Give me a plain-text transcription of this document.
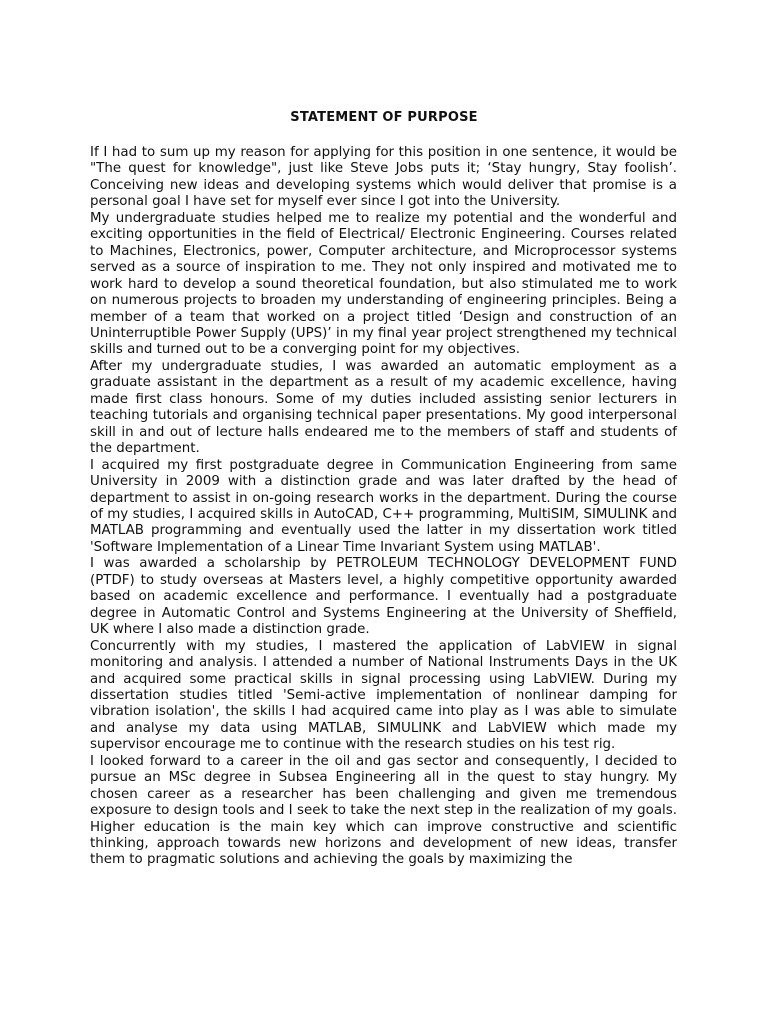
STATEMENT OF PURPOSE

If I had to sum up my reason for applying for this position in one sentence, it would be "The quest for knowledge", just like Steve Jobs puts it; ‘Stay hungry, Stay foolish’. Conceiving new ideas and developing systems which would deliver that promise is a personal goal I have set for myself ever since I got into the University.

My undergraduate studies helped me to realize my potential and the wonderful and exciting opportunities in the field of Electrical/ Electronic Engineering. Courses related to Machines, Electronics, power, Computer architecture, and Microprocessor systems served as a source of inspiration to me. They not only inspired and motivated me to work hard to develop a sound theoretical foundation, but also stimulated me to work on numerous projects to broaden my understanding of engineering principles. Being a member of a team that worked on a project titled ‘Design and construction of an Uninterruptible Power Supply (UPS)’ in my final year project strengthened my technical skills and turned out to be a converging point for my objectives.

After my undergraduate studies, I was awarded an automatic employment as a graduate assistant in the department as a result of my academic excellence, having made first class honours. Some of my duties included assisting senior lecturers in teaching tutorials and organising technical paper presentations. My good interpersonal skill in and out of lecture halls endeared me to the members of staff and students of the department.

I acquired my first postgraduate degree in Communication Engineering from same University in 2009 with a distinction grade and was later drafted by the head of department to assist in on-going research works in the department. During the course of my studies, I acquired skills in AutoCAD, C++ programming, MultiSIM, SIMULINK and MATLAB programming and eventually used the latter in my dissertation work titled 'Software Implementation of a Linear Time Invariant System using MATLAB'.

I was awarded a scholarship by PETROLEUM TECHNOLOGY DEVELOPMENT FUND (PTDF) to study overseas at Masters level, a highly competitive opportunity awarded based on academic excellence and performance. I eventually had a postgraduate degree in Automatic Control and Systems Engineering at the University of Sheffield, UK where I also made a distinction grade.

Concurrently with my studies, I mastered the application of LabVIEW in signal monitoring and analysis. I attended a number of National Instruments Days in the UK and acquired some practical skills in signal processing using LabVIEW. During my dissertation studies titled 'Semi-active implementation of nonlinear damping for vibration isolation', the skills I had acquired came into play as I was able to simulate and analyse my data using MATLAB, SIMULINK and LabVIEW which made my supervisor encourage me to continue with the research studies on his test rig.

I looked forward to a career in the oil and gas sector and consequently, I decided to pursue an MSc degree in Subsea Engineering all in the quest to stay hungry. My chosen career as a researcher has been challenging and given me tremendous exposure to design tools and I seek to take the next step in the realization of my goals. Higher education is the main key which can improve constructive and scientific thinking, approach towards new horizons and development of new ideas, transfer them to pragmatic solutions and achieving the goals by maximizing the
